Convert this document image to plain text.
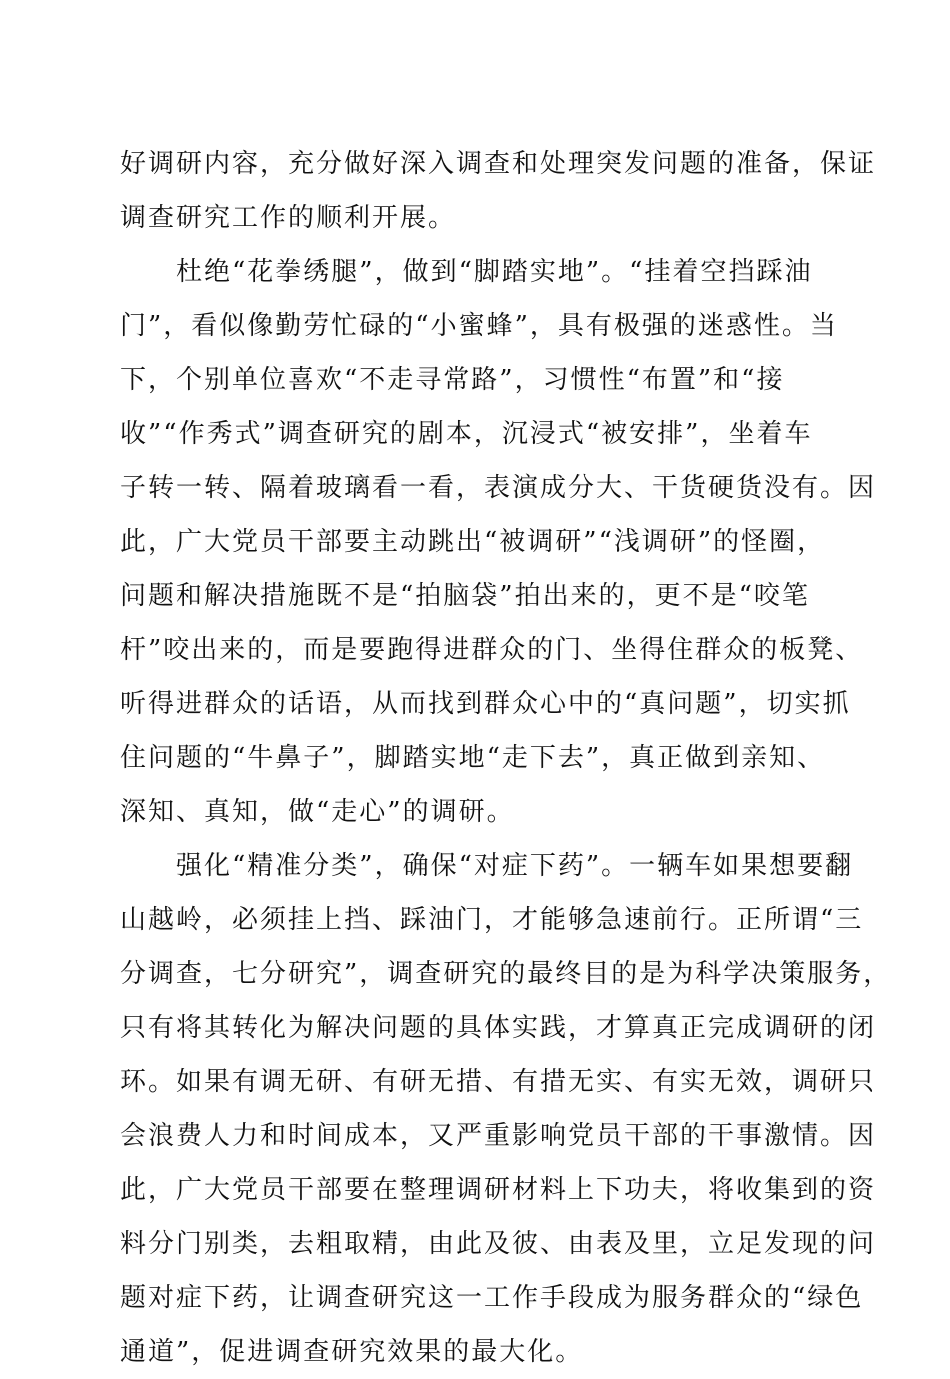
好调研内容，充分做好深入调查和处理突发问题的准备，保证
调查研究工作的顺利开展。

　　杜绝“花拳绣腿”，做到“脚踏实地”。“挂着空挡踩油
门”，看似像勤劳忙碌的“小蜜蜂”，具有极强的迷惑性。当
下，个别单位喜欢“不走寻常路”，习惯性“布置”和“接
收”“作秀式”调查研究的剧本，沉浸式“被安排”，坐着车
子转一转、隔着玻璃看一看，表演成分大、干货硬货没有。因
此，广大党员干部要主动跳出“被调研”“浅调研”的怪圈，
问题和解决措施既不是“拍脑袋”拍出来的，更不是“咬笔
杆”咬出来的，而是要跑得进群众的门、坐得住群众的板凳、
听得进群众的话语，从而找到群众心中的“真问题”，切实抓
住问题的“牛鼻子”，脚踏实地“走下去”，真正做到亲知、
深知、真知，做“走心”的调研。

　　强化“精准分类”，确保“对症下药”。一辆车如果想要翻
山越岭，必须挂上挡、踩油门，才能够急速前行。正所谓“三
分调查，七分研究”，调查研究的最终目的是为科学决策服务，
只有将其转化为解决问题的具体实践，才算真正完成调研的闭
环。如果有调无研、有研无措、有措无实、有实无效，调研只
会浪费人力和时间成本，又严重影响党员干部的干事激情。因
此，广大党员干部要在整理调研材料上下功夫，将收集到的资
料分门别类，去粗取精，由此及彼、由表及里，立足发现的问
题对症下药，让调查研究这一工作手段成为服务群众的“绿色
通道”，促进调查研究效果的最大化。
